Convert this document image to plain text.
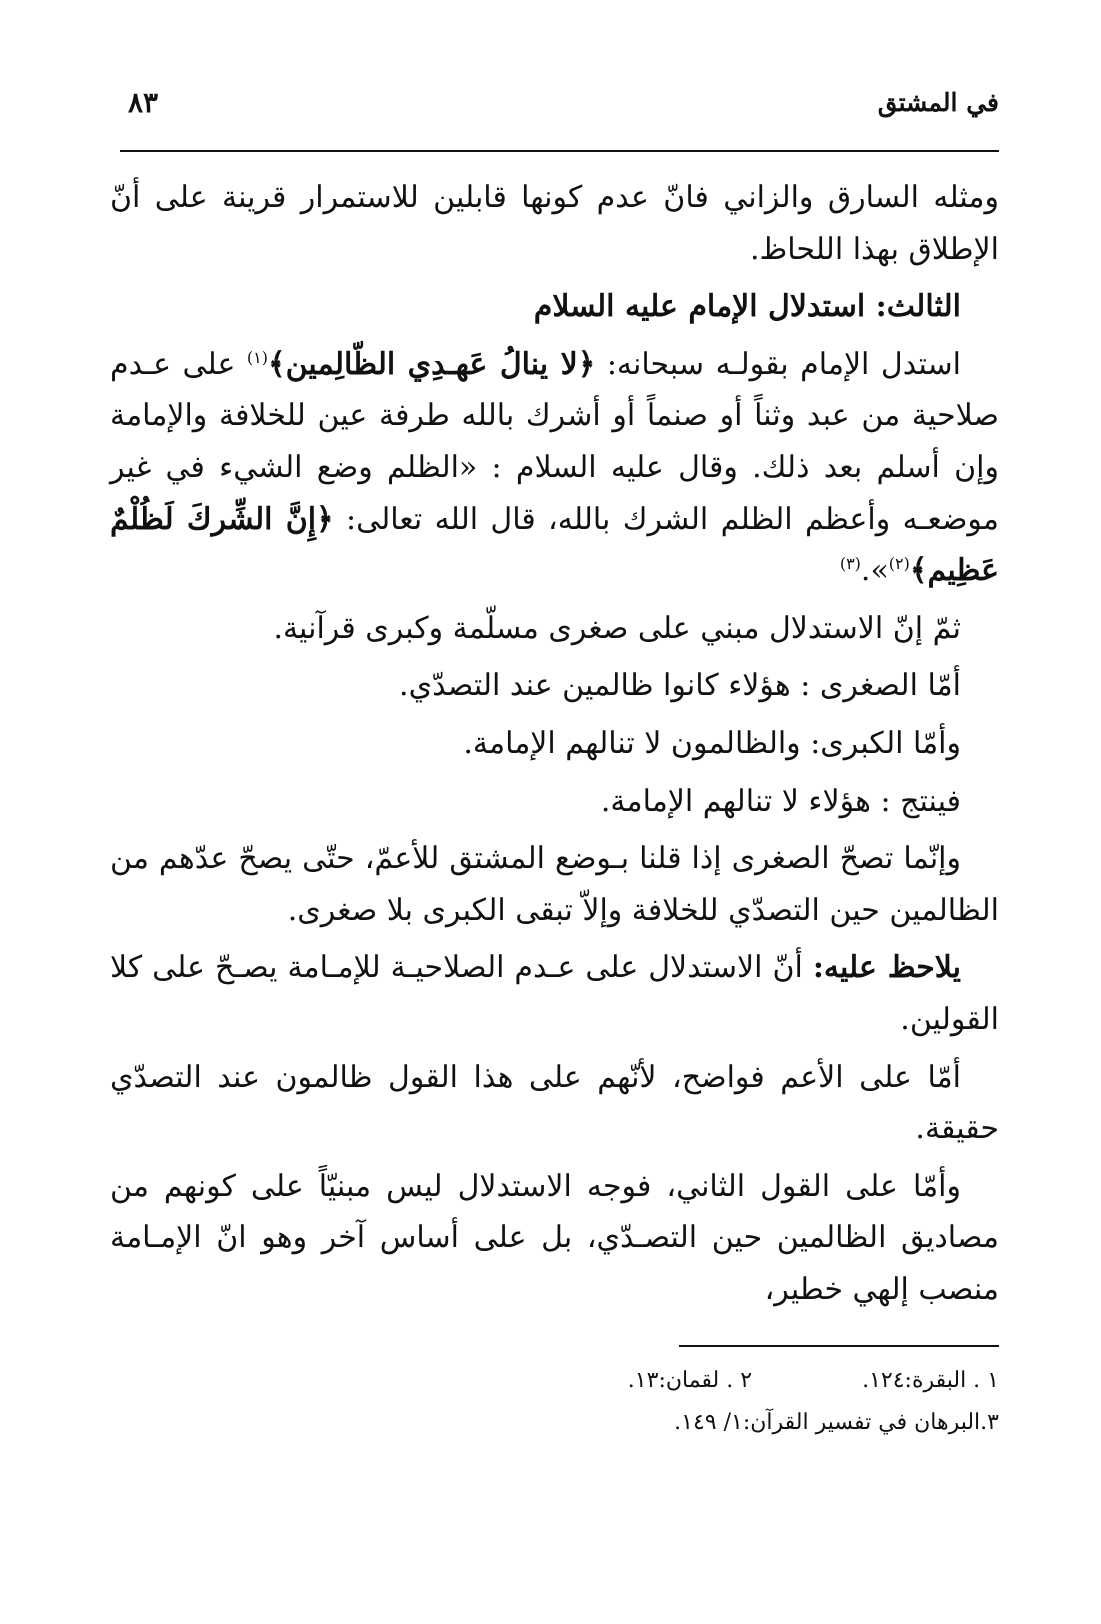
في المشتق
٨٣

ومثله السارق والزاني فانّ عدم كونها قابلين للاستمرار قرينة على أنّ الإطلاق بهذا اللحاظ.

الثالث: استدلال الإمام عليه السلام

استدل الإمام بقولـه سبحانه: ﴿لا ينالُ عَهـدِي الظّالِمين﴾$^{(١)}$ على عـدم صلاحية من عبد وثناً أو صنماً أو أشرك بالله طرفة عين للخلافة والإمامة وإن أسلم بعد ذلك. وقال عليه السلام : «الظلم وضع الشيء في غير موضعـه وأعظم الظلم الشرك بالله، قال الله تعالى: ﴿إِنَّ الشِّركَ لَظُلْمٌ عَظِيم﴾$^{(٢)}$».$^{(٣)}$

ثمّ إنّ الاستدلال مبني على صغرى مسلّمة وكبرى قرآنية.

أمّا الصغرى : هؤلاء كانوا ظالمين عند التصدّي.

وأمّا الكبرى: والظالمون لا تنالهم الإمامة.

فينتج : هؤلاء لا تنالهم الإمامة.

وإنّما تصحّ الصغرى إذا قلنا بـوضع المشتق للأعمّ، حتّى يصحّ عدّهم من الظالمين حين التصدّي للخلافة وإلاّ تبقى الكبرى بلا صغرى.

يلاحظ عليه: أنّ الاستدلال على عـدم الصلاحيـة للإمـامة يصـحّ على كلا القولين.

أمّا على الأعم فواضح، لأنّهم على هذا القول ظالمون عند التصدّي حقيقة.

وأمّا على القول الثاني، فوجه الاستدلال ليس مبنيّاً على كونهم من مصاديق الظالمين حين التصـدّي، بل على أساس آخر وهو انّ الإمـامة منصب إلهي خطير،

١ . البقرة:١٢٤.
٢ . لقمان:١٣.
٣.البرهان في تفسير القرآن:١/ ١٤٩.
